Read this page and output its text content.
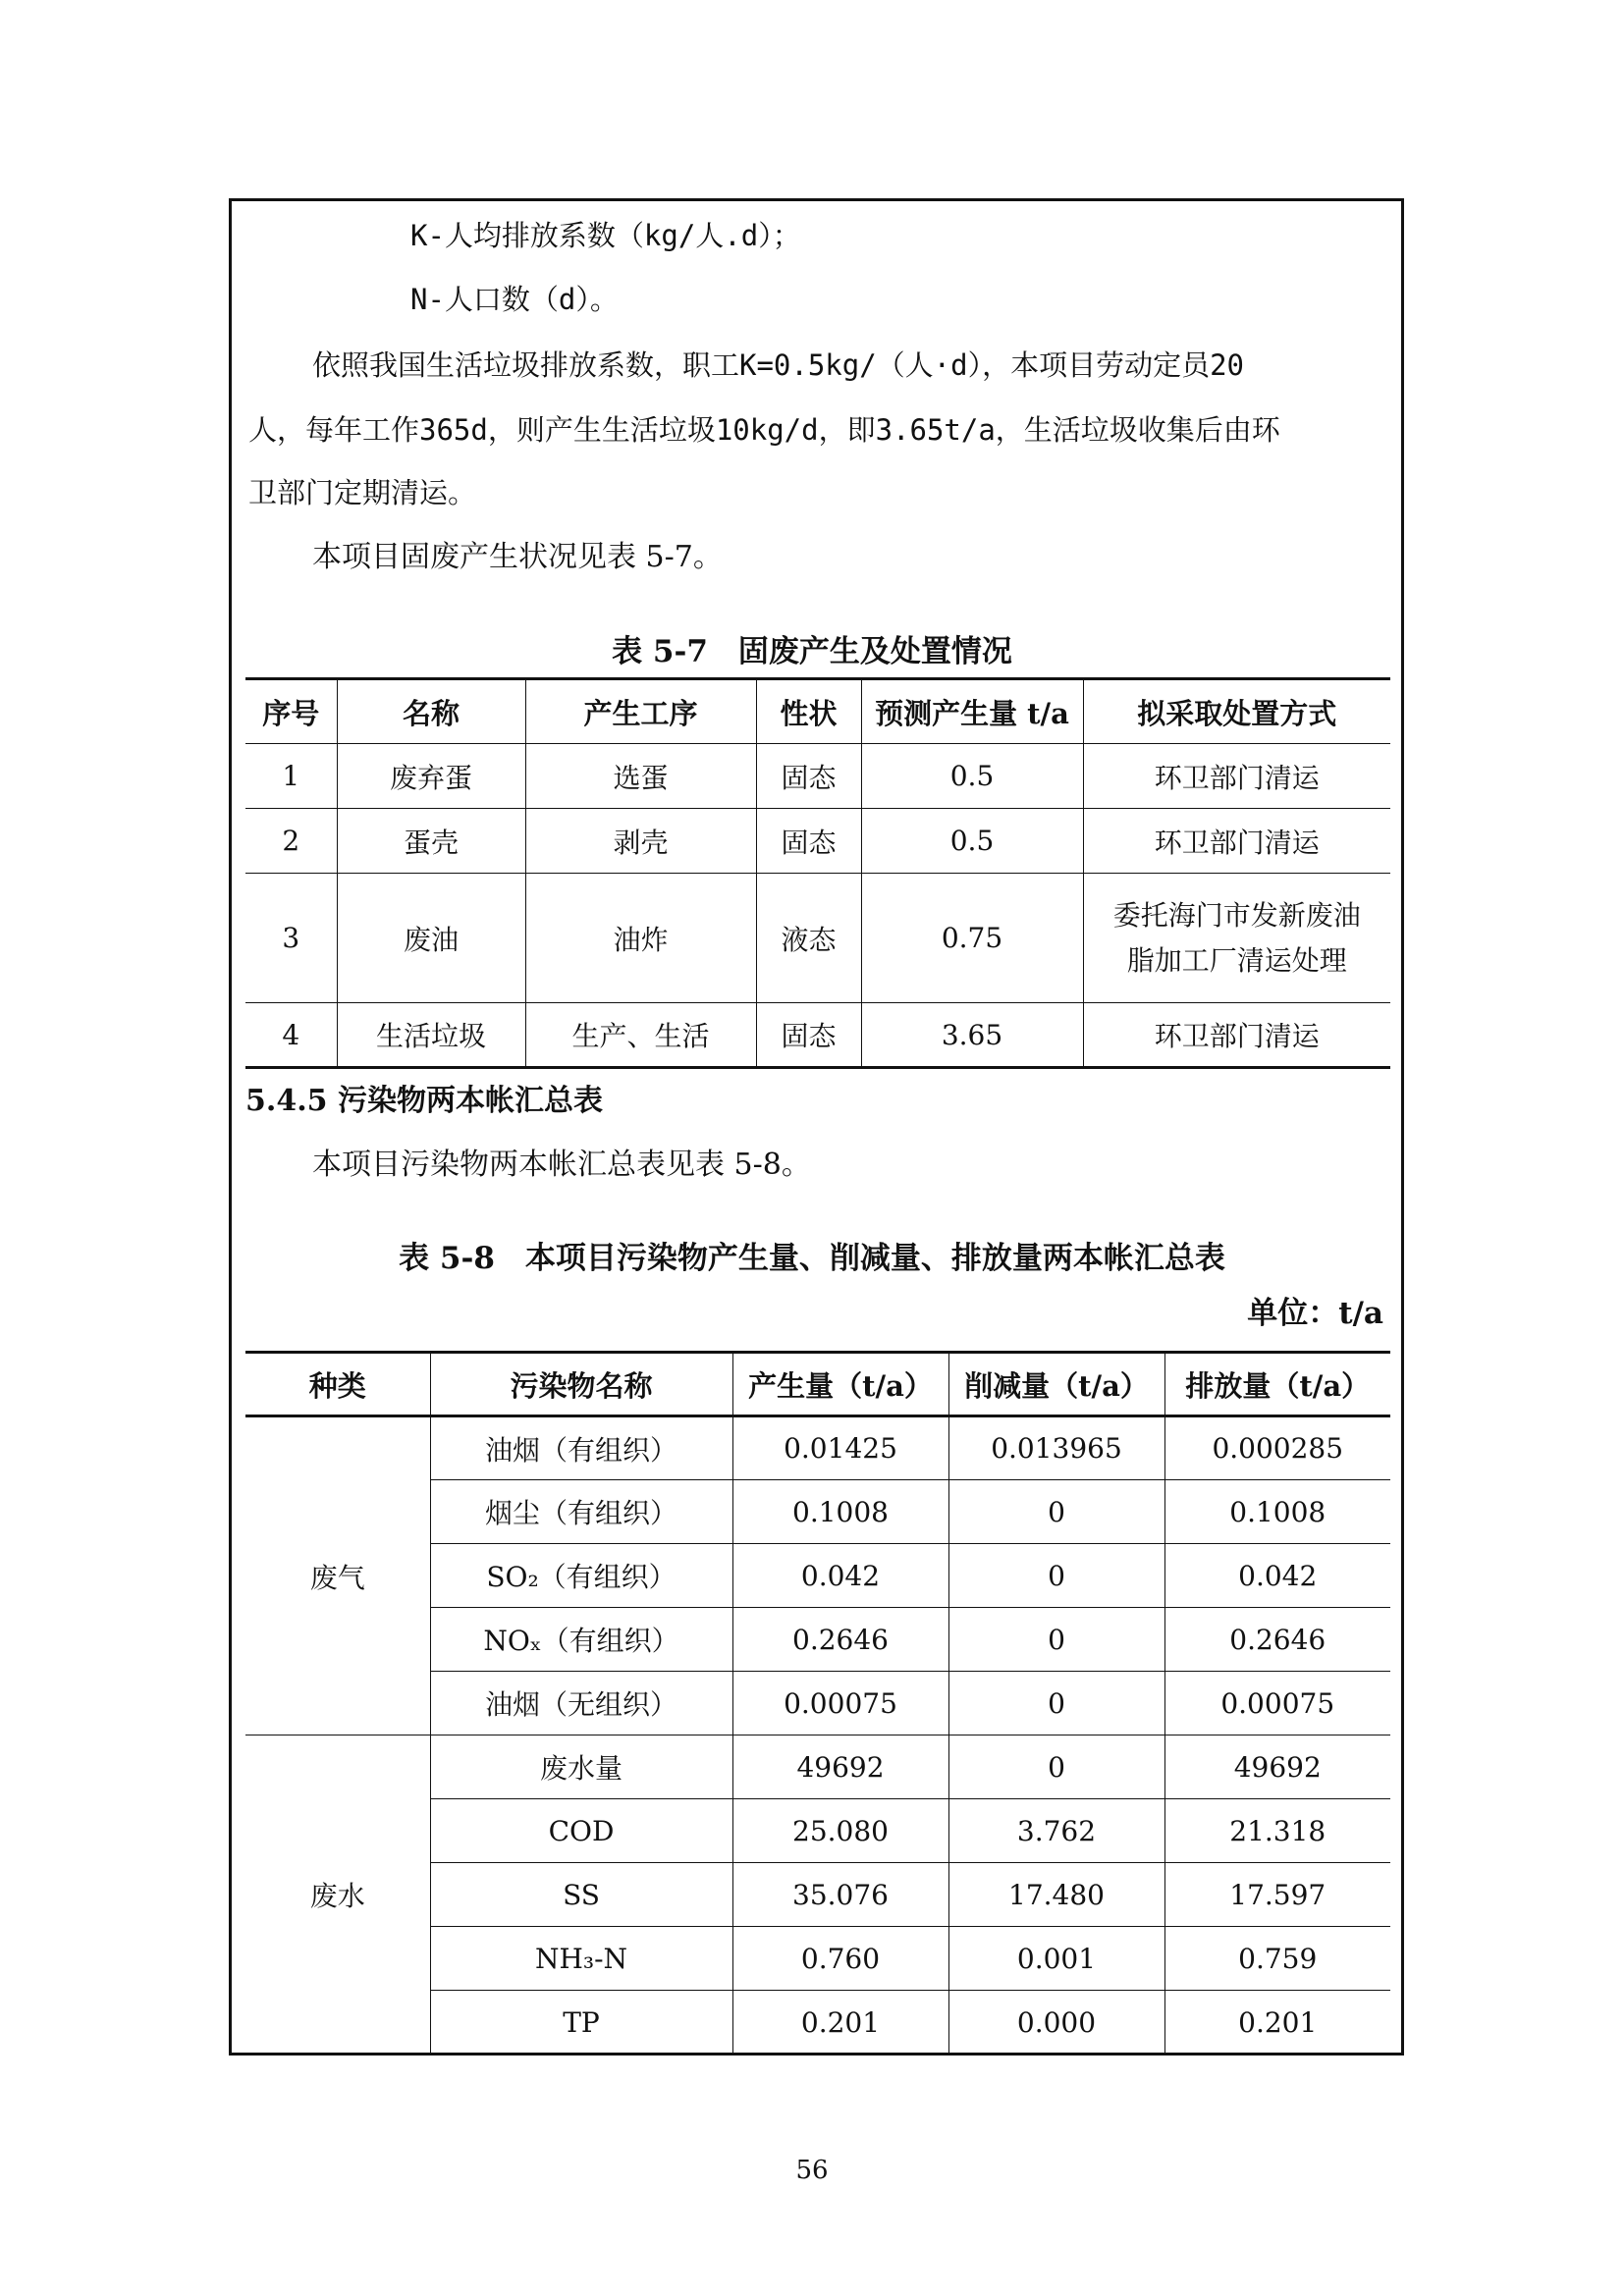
K-人均排放系数（kg/人.d）；
N-人口数（d）。
依照我国生活垃圾排放系数，职工K=0.5kg/（人·d），本项目劳动定员20
人，每年工作365d，则产生生活垃圾10kg/d，即3.65t/a，生活垃圾收集后由环
卫部门定期清运。
本项目固废产生状况见表 5-7。
表 5-7　固废产生及处置情况
序号	名称	产生工序	性状	预测产生量 t/a	拟采取处置方式
1	废弃蛋	选蛋	固态	0.5	环卫部门清运
2	蛋壳	剥壳	固态	0.5	环卫部门清运
3	废油	油炸	液态	0.75	委托海门市发新废油
脂加工厂清运处理

4	生活垃圾	生产、生活	固态	3.65	环卫部门清运
5.4.5 污染物两本帐汇总表
本项目污染物两本帐汇总表见表 5-8。
表 5-8　本项目污染物产生量、削减量、排放量两本帐汇总表
单位：t/a
种类	污染物名称	产生量（t/a）	削减量（t/a）	排放量（t/a）
废气	油烟（有组织）	0.01425	0.013965	0.000285
	烟尘（有组织）	0.1008	0	0.1008
	SO₂（有组织）	0.042	0	0.042
	NOₓ（有组织）	0.2646	0	0.2646
	油烟（无组织）	0.00075	0	0.00075
废水	废水量	49692	0	49692
	COD	25.080	3.762	21.318
	SS	35.076	17.480	17.597
	NH₃-N	0.760	0.001	0.759
	TP	0.201	0.000	0.201
56
